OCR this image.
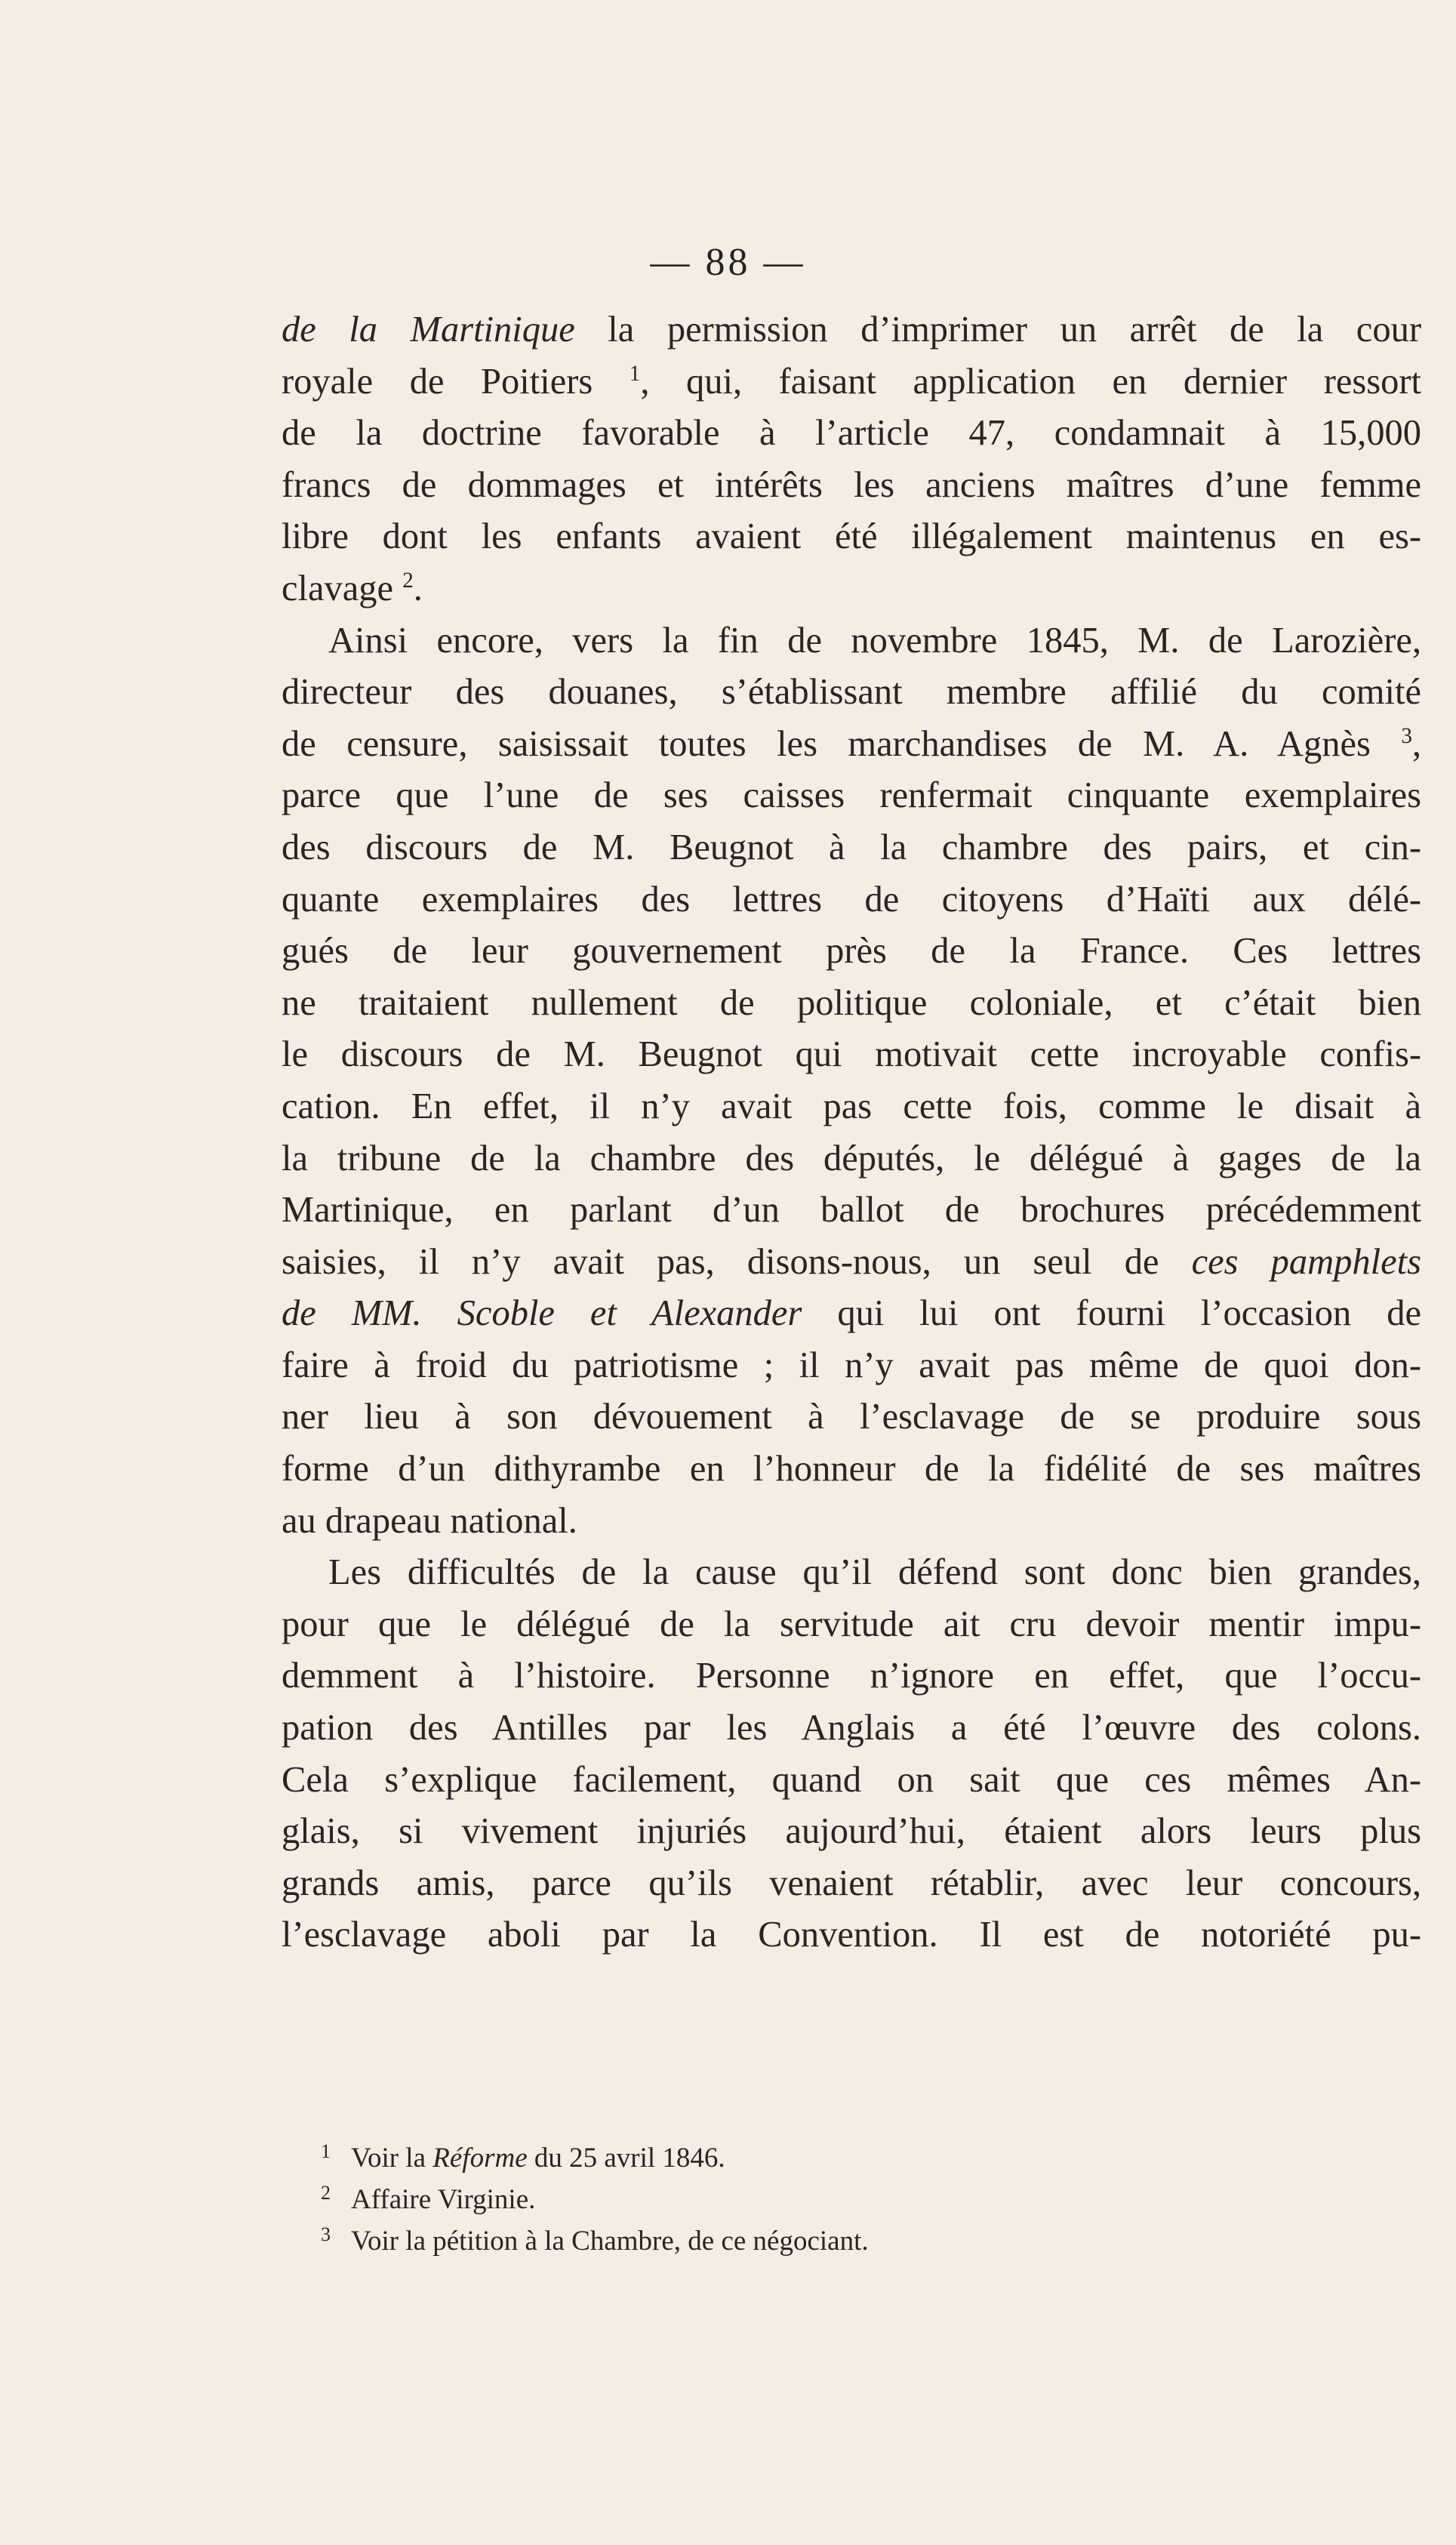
— 88 —
de la Martinique la permission d’imprimer un arrêt de la cour
royale de Poitiers $^1$, qui, faisant application en dernier ressort
de la doctrine favorable à l’article 47, condamnait à 15,000
francs de dommages et intérêts les anciens maîtres d’une femme
libre dont les enfants avaient été illégalement maintenus en es-
clavage $^2$.
Ainsi encore, vers la fin de novembre 1845, M. de Larozière,
directeur des douanes, s’établissant membre affilié du comité
de censure, saisissait toutes les marchandises de M. A. Agnès $^3$,
parce que l’une de ses caisses renfermait cinquante exemplaires
des discours de M. Beugnot à la chambre des pairs, et cin-
quante exemplaires des lettres de citoyens d’Haïti aux délé-
gués de leur gouvernement près de la France. Ces lettres
ne traitaient nullement de politique coloniale, et c’était bien
le discours de M. Beugnot qui motivait cette incroyable confis-
cation. En effet, il n’y avait pas cette fois, comme le disait à
la tribune de la chambre des députés, le délégué à gages de la
Martinique, en parlant d’un ballot de brochures précédemment
saisies, il n’y avait pas, disons-nous, un seul de ces pamphlets
de MM. Scoble et Alexander qui lui ont fourni l’occasion de
faire à froid du patriotisme ; il n’y avait pas même de quoi don-
ner lieu à son dévouement à l’esclavage de se produire sous
forme d’un dithyrambe en l’honneur de la fidélité de ses maîtres
au drapeau national.
Les difficultés de la cause qu’il défend sont donc bien grandes,
pour que le délégué de la servitude ait cru devoir mentir impu-
demment à l’histoire. Personne n’ignore en effet, que l’occu-
pation des Antilles par les Anglais a été l’œuvre des colons.
Cela s’explique facilement, quand on sait que ces mêmes An-
glais, si vivement injuriés aujourd’hui, étaient alors leurs plus
grands amis, parce qu’ils venaient rétablir, avec leur concours,
l’esclavage aboli par la Convention. Il est de notoriété pu-
1 Voir la Réforme du 25 avril 1846.
2 Affaire Virginie.
3 Voir la pétition à la Chambre, de ce négociant.
